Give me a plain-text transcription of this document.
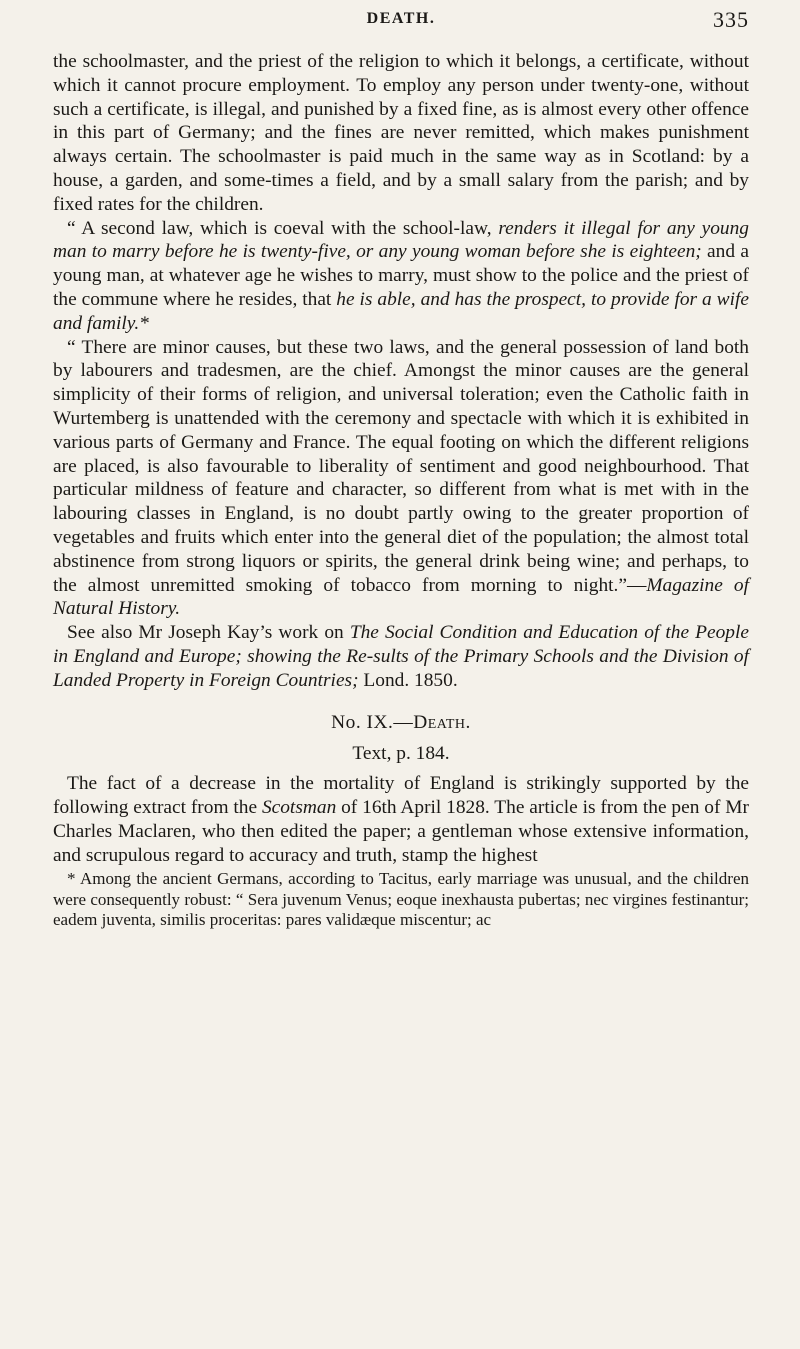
DEATH.	335

the schoolmaster, and the priest of the religion to which it belongs, a certificate, without which it cannot procure employment. To employ any person under twenty-one, without such a certificate, is illegal, and punished by a fixed fine, as is almost every other offence in this part of Germany; and the fines are never remitted, which makes punishment always certain. The schoolmaster is paid much in the same way as in Scotland: by a house, a garden, and some-times a field, and by a small salary from the parish; and by fixed rates for the children.

“ A second law, which is coeval with the school-law, renders it illegal for any young man to marry before he is twenty-five, or any young woman before she is eighteen; and a young man, at whatever age he wishes to marry, must show to the police and the priest of the commune where he resides, that he is able, and has the prospect, to provide for a wife and family.*

“ There are minor causes, but these two laws, and the general possession of land both by labourers and tradesmen, are the chief. Amongst the minor causes are the general simplicity of their forms of religion, and universal toleration; even the Catholic faith in Wurtemberg is unattended with the ceremony and spectacle with which it is exhibited in various parts of Germany and France. The equal footing on which the different religions are placed, is also favourable to liberality of sentiment and good neighbourhood. That particular mildness of feature and character, so different from what is met with in the labouring classes in England, is no doubt partly owing to the greater proportion of vegetables and fruits which enter into the general diet of the population; the almost total abstinence from strong liquors or spirits, the general drink being wine; and perhaps, to the almost unremitted smoking of tobacco from morning to night.”—Magazine of Natural History.

See also Mr Joseph Kay’s work on The Social Condition and Education of the People in England and Europe; showing the Re-sults of the Primary Schools and the Division of Landed Property in Foreign Countries; Lond. 1850.

No. IX.—Death.
Text, p. 184.

The fact of a decrease in the mortality of England is strikingly supported by the following extract from the Scotsman of 16th April 1828. The article is from the pen of Mr Charles Maclaren, who then edited the paper; a gentleman whose extensive information, and scrupulous regard to accuracy and truth, stamp the highest

* Among the ancient Germans, according to Tacitus, early marriage was unusual, and the children were consequently robust: “ Sera juvenum Venus; eoque inexhausta pubertas; nec virgines festinantur; eadem juventa, similis proceritas: pares validæque miscentur; ac
